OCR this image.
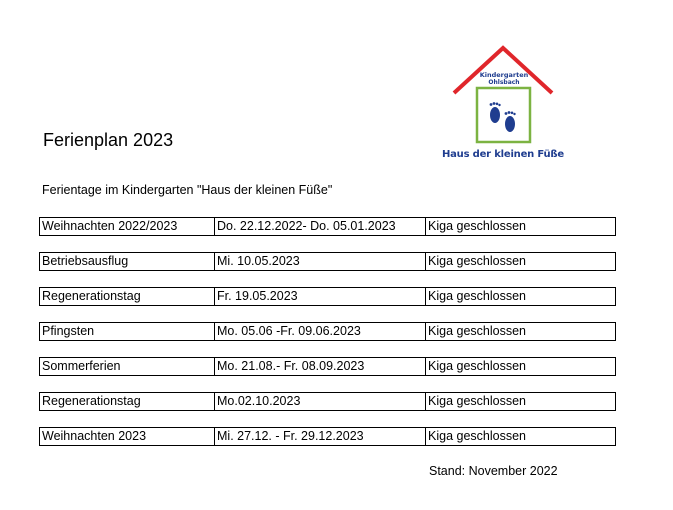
Kindergarten
Ohlsbach
Haus der kleinen Füße
Ferienplan 2023
Ferientage im Kindergarten "Haus der kleinen Füße"
Weihnachten 2022/2023	Do. 22.12.2022- Do. 05.01.2023	Kiga geschlossen
Betriebsausflug	Mi. 10.05.2023	Kiga geschlossen
Regenerationstag	Fr. 19.05.2023	Kiga geschlossen
Pfingsten	Mo. 05.06 -Fr. 09.06.2023	Kiga geschlossen
Sommerferien	Mo. 21.08.- Fr. 08.09.2023	Kiga geschlossen
Regenerationstag	Mo.02.10.2023	Kiga geschlossen
Weihnachten 2023	Mi. 27.12. - Fr. 29.12.2023	Kiga geschlossen
Stand: November 2022
